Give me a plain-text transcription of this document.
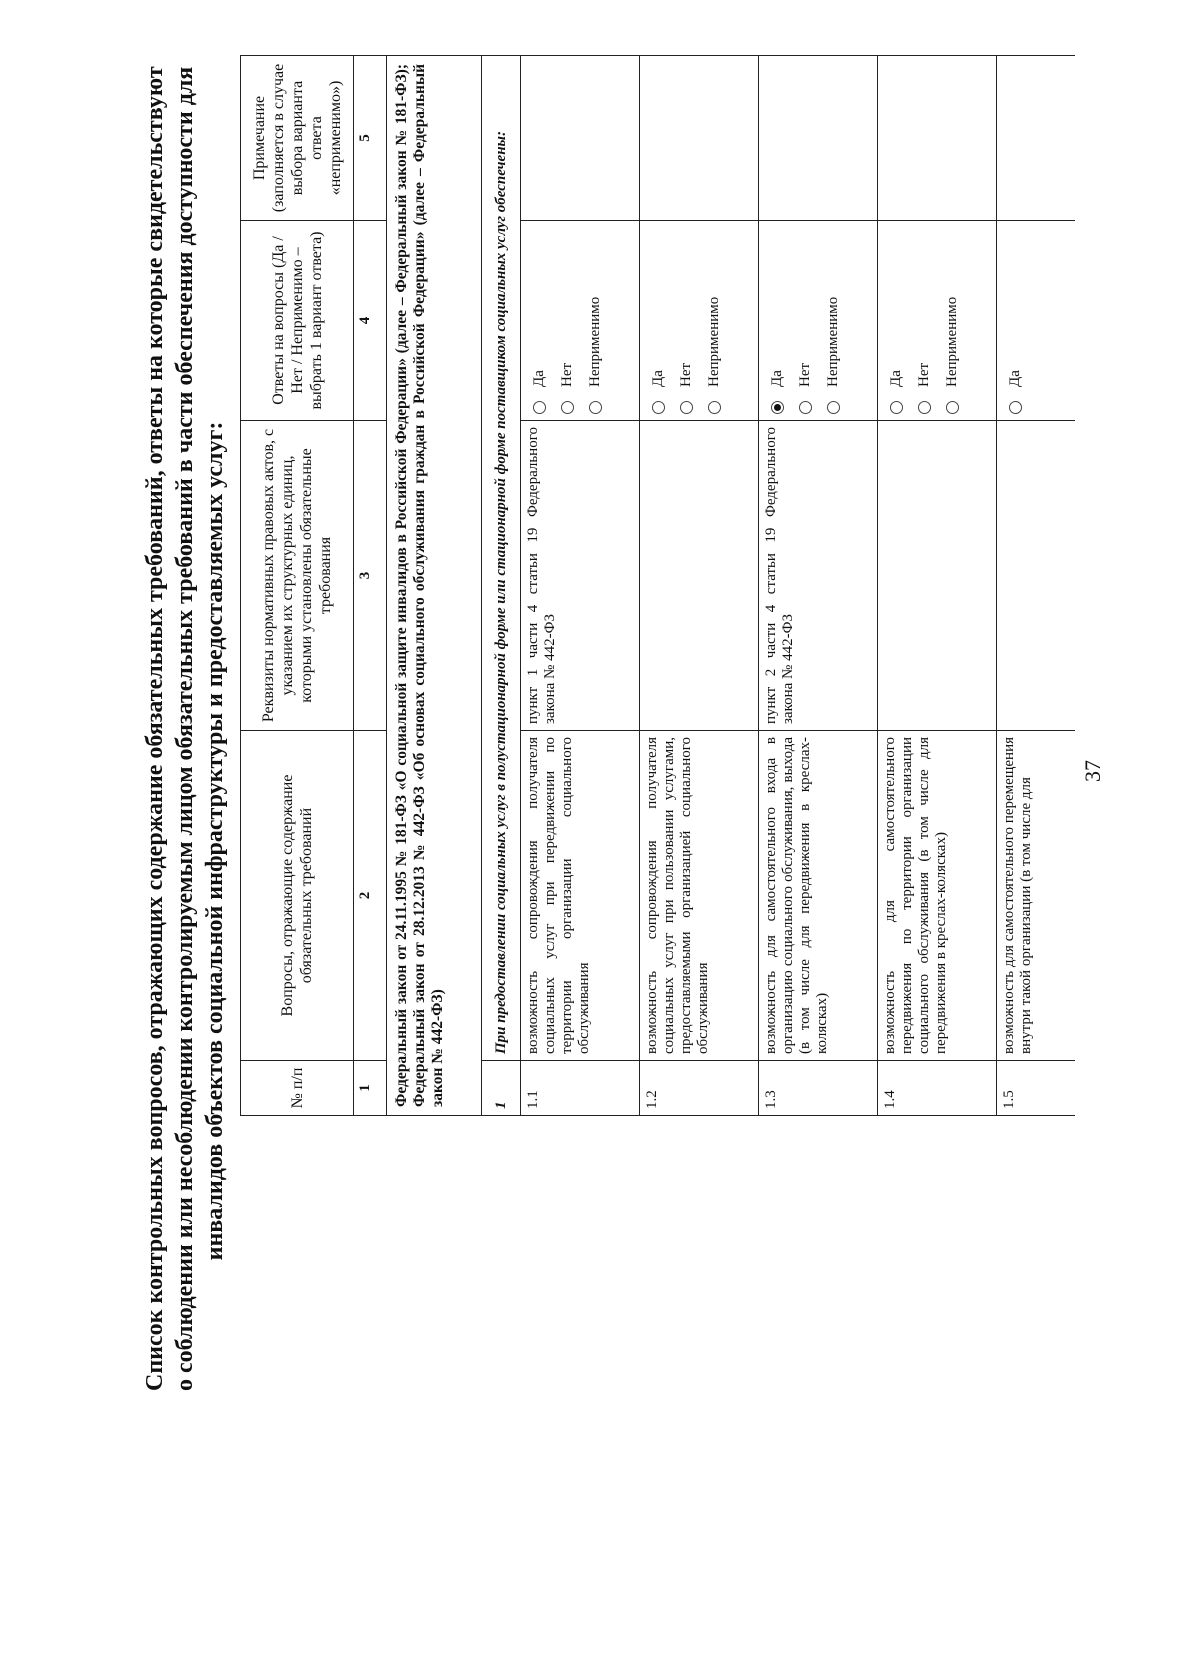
Список контрольных вопросов, отражающих содержание обязательных требований, ответы на которые свидетельствуют о соблюдении или несоблюдении контролируемым лицом обязательных требований в части обеспечения доступности для инвалидов объектов социальной инфраструктуры и предоставляемых услуг:	№ п/п	Вопросы, отражающие содержание обязательных требований	Реквизиты нормативных правовых актов, с указанием их структурных единиц, которыми установлены обязательные требования	Ответы на вопросы (Да / Нет / Неприменимо – выбрать 1 вариант ответа)	Примечание (заполняется в случае выбора варианта ответа «неприменимо»)
1	2	3	4	5
Федеральный закон от 24.11.1995 № 181-ФЗ «О социальной защите инвалидов в Российской Федерации» (далее – Федеральный закон № 181-ФЗ); Федеральный закон от 28.12.2013 № 442-ФЗ «Об основах социального обслуживания граждан в Российской Федерации» (далее – Федеральный закон № 442-ФЗ)				
1	При предоставлении социальных услуг в полустационарной форме или стационарной форме поставщиком социальных услуг обеспечены:			
1.1	возможность сопровождения получателя социальных услуг при передвижении по территории организации социального обслуживания	пункт 1 части 4 статьи 19 Федерального закона № 442-ФЗ	Да Нет Неприменимо	

1.2	возможность сопровождения получателя социальных услуг при пользовании услугами, предоставляемыми организацией социального обслуживания		Да Нет Неприменимо	

1.3	возможность для самостоятельного входа в организацию социального обслуживания, выхода (в том числе для передвижения в креслах-колясках)	пункт 2 части 4 статьи 19 Федерального закона № 442-ФЗ	Да Нет Неприменимо	

1.4	возможность для самостоятельного передвижения по территории организации социального обслуживания (в том числе для передвижения в креслах-колясках)		Да Нет Неприменимо	

1.5	возможность для самостоятельного перемещения внутри такой организации (в том числе для		Да	

37
